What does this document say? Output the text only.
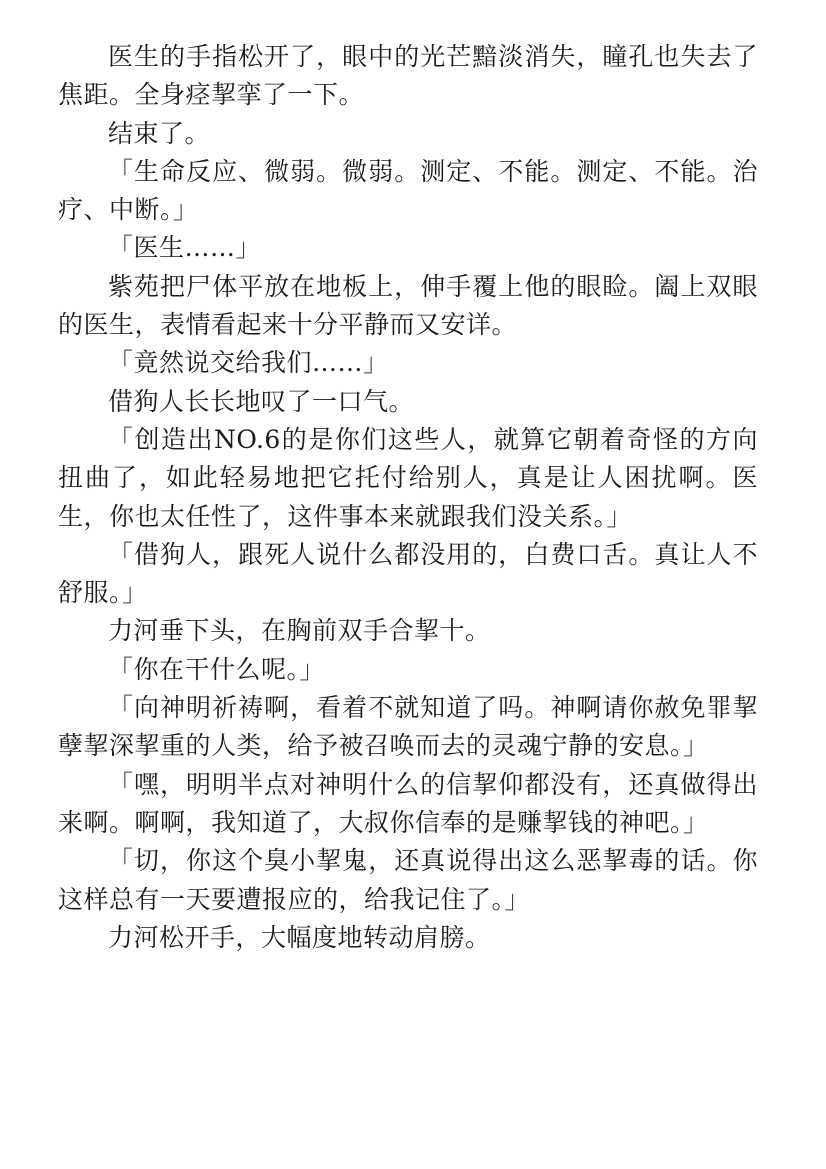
医生的手指松开了，眼中的光芒黯淡消失，瞳孔也失去了焦距。全身痉挈挛了一下。

结束了。

「生命反应、微弱。微弱。测定、不能。测定、不能。治疗、中断。」

「医生……」

紫苑把尸体平放在地板上，伸手覆上他的眼睑。阖上双眼的医生，表情看起来十分平静而又安详。

「竟然说交给我们……」

借狗人长长地叹了一口气。

「创造出NO.6的是你们这些人，就算它朝着奇怪的方向扭曲了，如此轻易地把它托付给别人，真是让人困扰啊。医生，你也太任性了，这件事本来就跟我们没关系。」

「借狗人，跟死人说什么都没用的，白费口舌。真让人不舒服。」

力河垂下头，在胸前双手合挈十。

「你在干什么呢。」

「向神明祈祷啊，看着不就知道了吗。神啊请你赦免罪挈孽挈深挈重的人类，给予被召唤而去的灵魂宁静的安息。」

「嘿，明明半点对神明什么的信挈仰都没有，还真做得出来啊。啊啊，我知道了，大叔你信奉的是赚挈钱的神吧。」

「切，你这个臭小挈鬼，还真说得出这么恶挈毒的话。你这样总有一天要遭报应的，给我记住了。」

力河松开手，大幅度地转动肩膀。
